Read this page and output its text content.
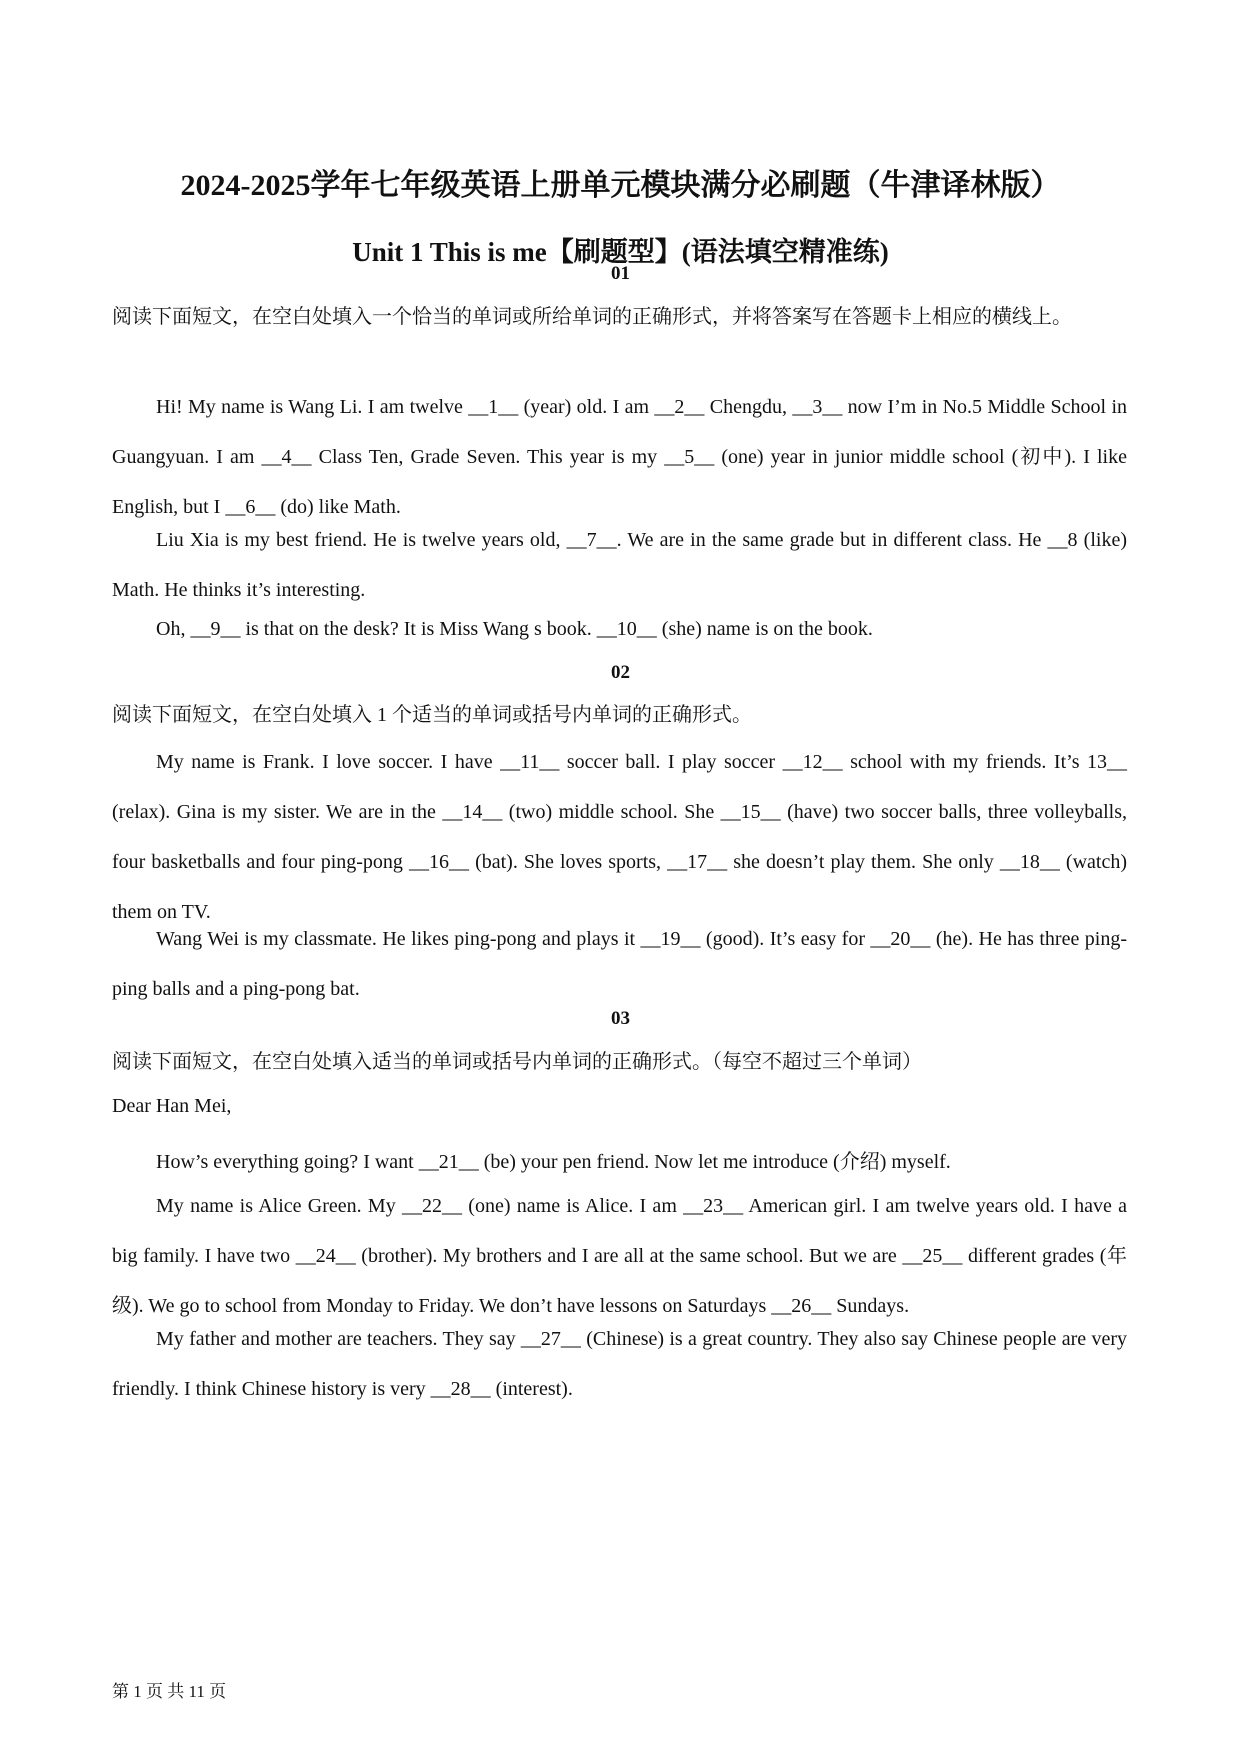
2024-2025学年七年级英语上册单元模块满分必刷题（牛津译林版）
Unit 1 This is me【刷题型】(语法填空精准练)
01
阅读下面短文，在空白处填入一个恰当的单词或所给单词的正确形式，并将答案写在答题卡上相应的横线上。
Hi! My name is Wang Li. I am twelve __1__ (year) old. I am __2__ Chengdu, __3__ now I’m in No.5 Middle School in Guangyuan. I am __4__ Class Ten, Grade Seven. This year is my __5__ (one) year in junior middle school (初中). I like English, but I __6__ (do) like Math.
Liu Xia is my best friend. He is twelve years old, __7__. We are in the same grade but in different class. He __8 (like) Math. He thinks it’s interesting.
Oh, __9__ is that on the desk? It is Miss Wang s book. __10__ (she) name is on the book.
02
阅读下面短文，在空白处填入 1 个适当的单词或括号内单词的正确形式。
My name is Frank. I love soccer. I have __11__ soccer ball. I play soccer __12__ school with my friends. It’s 13__ (relax). Gina is my sister. We are in the __14__ (two) middle school. She __15__ (have) two soccer balls, three volleyballs, four basketballs and four ping-pong __16__ (bat). She loves sports, __17__ she doesn’t play them. She only __18__ (watch) them on TV.
Wang Wei is my classmate. He likes ping-pong and plays it __19__ (good). It’s easy for __20__ (he). He has three ping-ping balls and a ping-pong bat.
03
阅读下面短文，在空白处填入适当的单词或括号内单词的正确形式。（每空不超过三个单词）
Dear Han Mei,
How’s everything going? I want __21__ (be) your pen friend. Now let me introduce (介绍) myself.
My name is Alice Green. My __22__ (one) name is Alice. I am __23__ American girl. I am twelve years old. I have a big family. I have two __24__ (brother). My brothers and I are all at the same school. But we are __25__ different grades (年级). We go to school from Monday to Friday. We don’t have lessons on Saturdays __26__ Sundays.
My father and mother are teachers. They say __27__ (Chinese) is a great country. They also say Chinese people are very friendly. I think Chinese history is very __28__ (interest).
第 1 页 共 11 页
